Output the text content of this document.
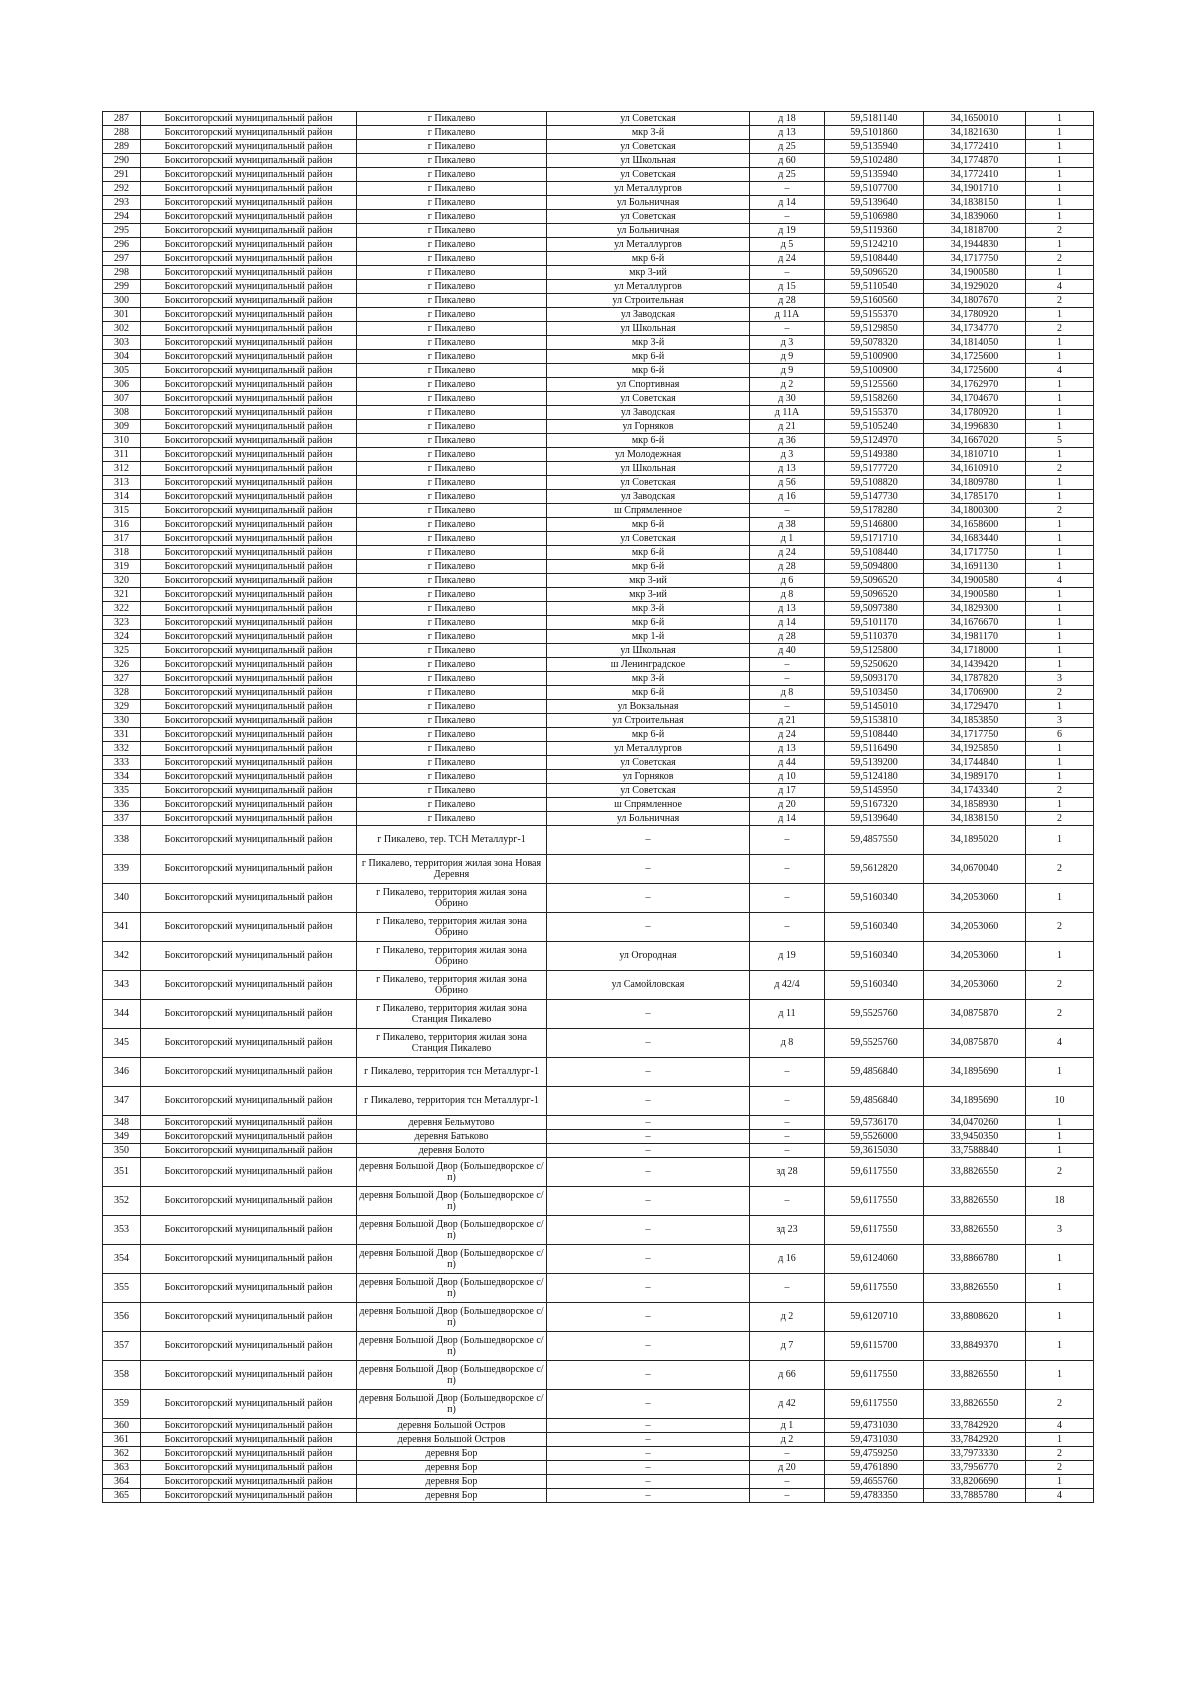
287	Бокситогорский муниципальный район	г Пикалево	ул Советская	д 18	59,5181140	34,1650010	1
288	Бокситогорский муниципальный район	г Пикалево	мкр 3-й	д 13	59,5101860	34,1821630	1
289	Бокситогорский муниципальный район	г Пикалево	ул Советская	д 25	59,5135940	34,1772410	1
290	Бокситогорский муниципальный район	г Пикалево	ул Школьная	д 60	59,5102480	34,1774870	1
291	Бокситогорский муниципальный район	г Пикалево	ул Советская	д 25	59,5135940	34,1772410	1
292	Бокситогорский муниципальный район	г Пикалево	ул Металлургов	–	59,5107700	34,1901710	1
293	Бокситогорский муниципальный район	г Пикалево	ул Больничная	д 14	59,5139640	34,1838150	1
294	Бокситогорский муниципальный район	г Пикалево	ул Советская	–	59,5106980	34,1839060	1
295	Бокситогорский муниципальный район	г Пикалево	ул Больничная	д 19	59,5119360	34,1818700	2
296	Бокситогорский муниципальный район	г Пикалево	ул Металлургов	д 5	59,5124210	34,1944830	1
297	Бокситогорский муниципальный район	г Пикалево	мкр 6-й	д 24	59,5108440	34,1717750	2
298	Бокситогорский муниципальный район	г Пикалево	мкр 3-ий	–	59,5096520	34,1900580	1
299	Бокситогорский муниципальный район	г Пикалево	ул Металлургов	д 15	59,5110540	34,1929020	4
300	Бокситогорский муниципальный район	г Пикалево	ул Строительная	д 28	59,5160560	34,1807670	2
301	Бокситогорский муниципальный район	г Пикалево	ул Заводская	д 11А	59,5155370	34,1780920	1
302	Бокситогорский муниципальный район	г Пикалево	ул Школьная	–	59,5129850	34,1734770	2
303	Бокситогорский муниципальный район	г Пикалево	мкр 3-й	д 3	59,5078320	34,1814050	1
304	Бокситогорский муниципальный район	г Пикалево	мкр 6-й	д 9	59,5100900	34,1725600	1
305	Бокситогорский муниципальный район	г Пикалево	мкр 6-й	д 9	59,5100900	34,1725600	4
306	Бокситогорский муниципальный район	г Пикалево	ул Спортивная	д 2	59,5125560	34,1762970	1
307	Бокситогорский муниципальный район	г Пикалево	ул Советская	д 30	59,5158260	34,1704670	1
308	Бокситогорский муниципальный район	г Пикалево	ул Заводская	д 11А	59,5155370	34,1780920	1
309	Бокситогорский муниципальный район	г Пикалево	ул Горняков	д 21	59,5105240	34,1996830	1
310	Бокситогорский муниципальный район	г Пикалево	мкр 6-й	д 36	59,5124970	34,1667020	5
311	Бокситогорский муниципальный район	г Пикалево	ул Молодежная	д 3	59,5149380	34,1810710	1
312	Бокситогорский муниципальный район	г Пикалево	ул Школьная	д 13	59,5177720	34,1610910	2
313	Бокситогорский муниципальный район	г Пикалево	ул Советская	д 56	59,5108820	34,1809780	1
314	Бокситогорский муниципальный район	г Пикалево	ул Заводская	д 16	59,5147730	34,1785170	1
315	Бокситогорский муниципальный район	г Пикалево	ш Спрямленное	–	59,5178280	34,1800300	2
316	Бокситогорский муниципальный район	г Пикалево	мкр 6-й	д 38	59,5146800	34,1658600	1
317	Бокситогорский муниципальный район	г Пикалево	ул Советская	д 1	59,5171710	34,1683440	1
318	Бокситогорский муниципальный район	г Пикалево	мкр 6-й	д 24	59,5108440	34,1717750	1
319	Бокситогорский муниципальный район	г Пикалево	мкр 6-й	д 28	59,5094800	34,1691130	1
320	Бокситогорский муниципальный район	г Пикалево	мкр 3-ий	д 6	59,5096520	34,1900580	4
321	Бокситогорский муниципальный район	г Пикалево	мкр 3-ий	д 8	59,5096520	34,1900580	1
322	Бокситогорский муниципальный район	г Пикалево	мкр 3-й	д 13	59,5097380	34,1829300	1
323	Бокситогорский муниципальный район	г Пикалево	мкр 6-й	д 14	59,5101170	34,1676670	1
324	Бокситогорский муниципальный район	г Пикалево	мкр 1-й	д 28	59,5110370	34,1981170	1
325	Бокситогорский муниципальный район	г Пикалево	ул Школьная	д 40	59,5125800	34,1718000	1
326	Бокситогорский муниципальный район	г Пикалево	ш Ленинградское	–	59,5250620	34,1439420	1
327	Бокситогорский муниципальный район	г Пикалево	мкр 3-й	–	59,5093170	34,1787820	3
328	Бокситогорский муниципальный район	г Пикалево	мкр 6-й	д 8	59,5103450	34,1706900	2
329	Бокситогорский муниципальный район	г Пикалево	ул Вокзальная	–	59,5145010	34,1729470	1
330	Бокситогорский муниципальный район	г Пикалево	ул Строительная	д 21	59,5153810	34,1853850	3
331	Бокситогорский муниципальный район	г Пикалево	мкр 6-й	д 24	59,5108440	34,1717750	6
332	Бокситогорский муниципальный район	г Пикалево	ул Металлургов	д 13	59,5116490	34,1925850	1
333	Бокситогорский муниципальный район	г Пикалево	ул Советская	д 44	59,5139200	34,1744840	1
334	Бокситогорский муниципальный район	г Пикалево	ул Горняков	д 10	59,5124180	34,1989170	1
335	Бокситогорский муниципальный район	г Пикалево	ул Советская	д 17	59,5145950	34,1743340	2
336	Бокситогорский муниципальный район	г Пикалево	ш Спрямленное	д 20	59,5167320	34,1858930	1
337	Бокситогорский муниципальный район	г Пикалево	ул Больничная	д 14	59,5139640	34,1838150	2
338	Бокситогорский муниципальный район	г Пикалево, тер. ТСН Металлург-1	–	–	59,4857550	34,1895020	1
339	Бокситогорский муниципальный район	г Пикалево, территория жилая зона Новая Деревня	–	–	59,5612820	34,0670040	2
340	Бокситогорский муниципальный район	г Пикалево, территория жилая зона Обрино	–	–	59,5160340	34,2053060	1
341	Бокситогорский муниципальный район	г Пикалево, территория жилая зона Обрино	–	–	59,5160340	34,2053060	2
342	Бокситогорский муниципальный район	г Пикалево, территория жилая зона Обрино	ул Огородная	д 19	59,5160340	34,2053060	1
343	Бокситогорский муниципальный район	г Пикалево, территория жилая зона Обрино	ул Самойловская	д 42/4	59,5160340	34,2053060	2
344	Бокситогорский муниципальный район	г Пикалево, территория жилая зона Станция Пикалево	–	д 11	59,5525760	34,0875870	2
345	Бокситогорский муниципальный район	г Пикалево, территория жилая зона Станция Пикалево	–	д 8	59,5525760	34,0875870	4
346	Бокситогорский муниципальный район	г Пикалево, территория тсн Металлург-1	–	–	59,4856840	34,1895690	1
347	Бокситогорский муниципальный район	г Пикалево, территория тсн Металлург-1	–	–	59,4856840	34,1895690	10
348	Бокситогорский муниципальный район	деревня Бельмутово	–	–	59,5736170	34,0470260	1
349	Бокситогорский муниципальный район	деревня Батьково	–	–	59,5526000	33,9450350	1
350	Бокситогорский муниципальный район	деревня Болото	–	–	59,3615030	33,7588840	1
351	Бокситогорский муниципальный район	деревня Большой Двор (Большедворское с/п)	–	зд 28	59,6117550	33,8826550	2
352	Бокситогорский муниципальный район	деревня Большой Двор (Большедворское с/п)	–	–	59,6117550	33,8826550	18
353	Бокситогорский муниципальный район	деревня Большой Двор (Большедворское с/п)	–	зд 23	59,6117550	33,8826550	3
354	Бокситогорский муниципальный район	деревня Большой Двор (Большедворское с/п)	–	д 16	59,6124060	33,8866780	1
355	Бокситогорский муниципальный район	деревня Большой Двор (Большедворское с/п)	–	–	59,6117550	33,8826550	1
356	Бокситогорский муниципальный район	деревня Большой Двор (Большедворское с/п)	–	д 2	59,6120710	33,8808620	1
357	Бокситогорский муниципальный район	деревня Большой Двор (Большедворское с/п)	–	д 7	59,6115700	33,8849370	1
358	Бокситогорский муниципальный район	деревня Большой Двор (Большедворское с/п)	–	д 66	59,6117550	33,8826550	1
359	Бокситогорский муниципальный район	деревня Большой Двор (Большедворское с/п)	–	д 42	59,6117550	33,8826550	2
360	Бокситогорский муниципальный район	деревня Большой Остров	–	д 1	59,4731030	33,7842920	4
361	Бокситогорский муниципальный район	деревня Большой Остров	–	д 2	59,4731030	33,7842920	1
362	Бокситогорский муниципальный район	деревня Бор	–	–	59,4759250	33,7973330	2
363	Бокситогорский муниципальный район	деревня Бор	–	д 20	59,4761890	33,7956770	2
364	Бокситогорский муниципальный район	деревня Бор	–	–	59,4655760	33,8206690	1
365	Бокситогорский муниципальный район	деревня Бор	–	–	59,4783350	33,7885780	4
